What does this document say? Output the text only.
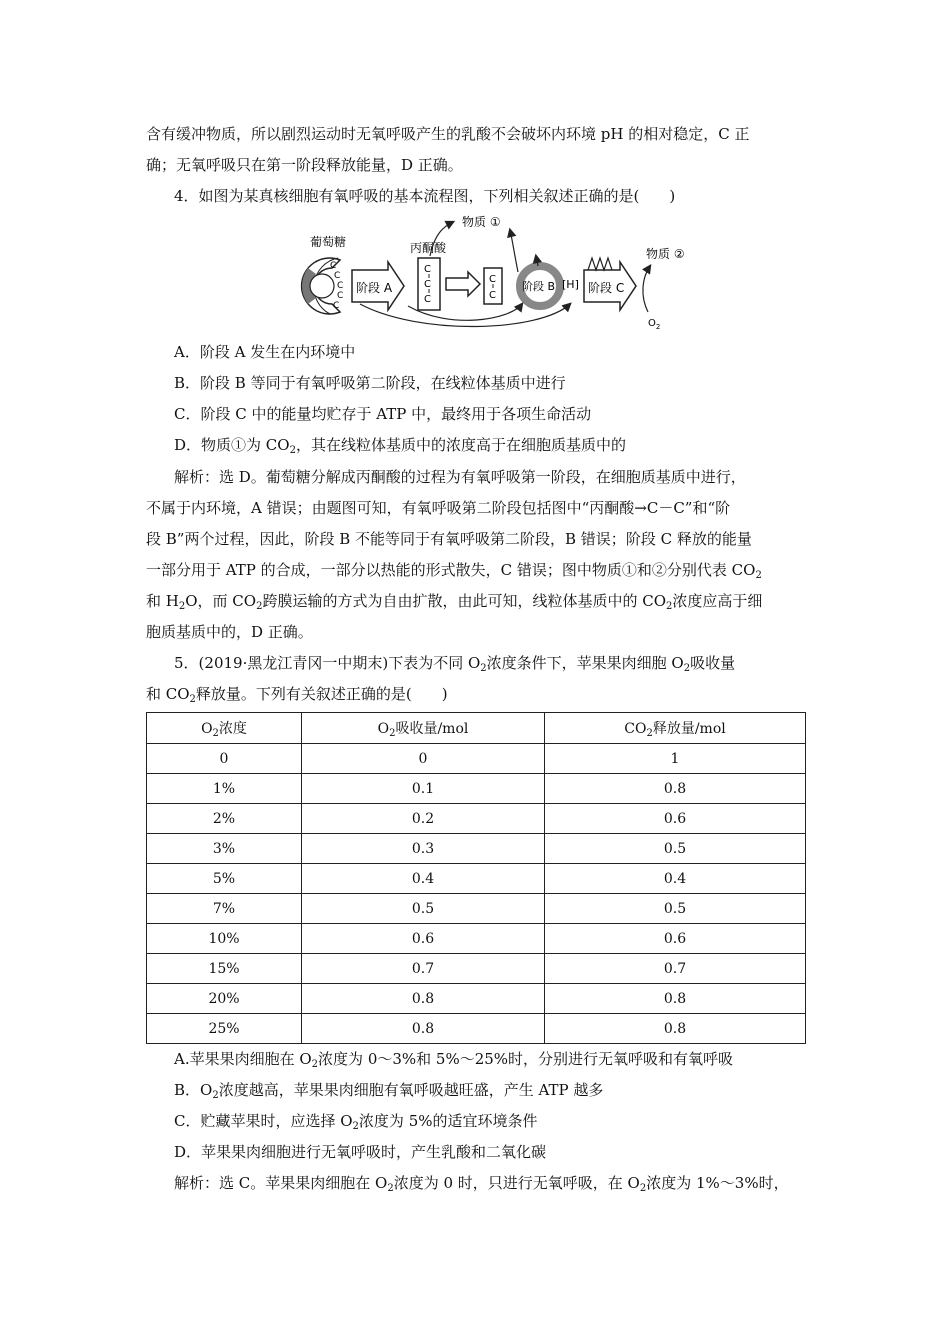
含有缓冲物质，所以剧烈运动时无氧呼吸产生的乳酸不会破坏内环境 pH 的相对稳定，C 正
确；无氧呼吸只在第一阶段释放能量，D 正确。
4．如图为某真核细胞有氧呼吸的基本流程图，下列相关叙述正确的是(　　)
葡萄糖
C
C
C
C
C
阶段 A
丙酮酸
C
C
C
C
C
物质 ①
阶段 B [H] 阶段 C
物质 ②
$O_2$
A．阶段 A 发生在内环境中
B．阶段 B 等同于有氧呼吸第二阶段，在线粒体基质中进行
C．阶段 C 中的能量均贮存于 ATP 中，最终用于各项生命活动
D．物质①为 $CO_2$，其在线粒体基质中的浓度高于在细胞质基质中的
解析：选 D。葡萄糖分解成丙酮酸的过程为有氧呼吸第一阶段，在细胞质基质中进行，
不属于内环境，A 错误；由题图可知，有氧呼吸第二阶段包括图中“丙酮酸→C－C”和“阶
段 B”两个过程，因此，阶段 B 不能等同于有氧呼吸第二阶段，B 错误；阶段 C 释放的能量
一部分用于 ATP 的合成，一部分以热能的形式散失，C 错误；图中物质①和②分别代表 $CO_2$
和 $H_2O$，而 $CO_2$跨膜运输的方式为自由扩散，由此可知，线粒体基质中的 $CO_2$浓度应高于细
胞质基质中的，D 正确。
5．(2019·黑龙江青冈一中期末)下表为不同 $O_2$浓度条件下，苹果果肉细胞 $O_2$吸收量
和 $CO_2$释放量。下列有关叙述正确的是(　　)
$O_2$浓度	$O_2$吸收量/mol	$CO_2$释放量/mol
0	0	1
1%	0.1	0.8
2%	0.2	0.6
3%	0.3	0.5
5%	0.4	0.4
7%	0.5	0.5
10%	0.6	0.6
15%	0.7	0.7
20%	0.8	0.8
25%	0.8	0.8
A.苹果果肉细胞在 $O_2$浓度为 0～3%和 5%～25%时，分别进行无氧呼吸和有氧呼吸
B．$O_2$浓度越高，苹果果肉细胞有氧呼吸越旺盛，产生 ATP 越多
C．贮藏苹果时，应选择 $O_2$浓度为 5%的适宜环境条件
D．苹果果肉细胞进行无氧呼吸时，产生乳酸和二氧化碳
解析：选 C。苹果果肉细胞在 $O_2$浓度为 0 时，只进行无氧呼吸，在 $O_2$浓度为 1%～3%时，
